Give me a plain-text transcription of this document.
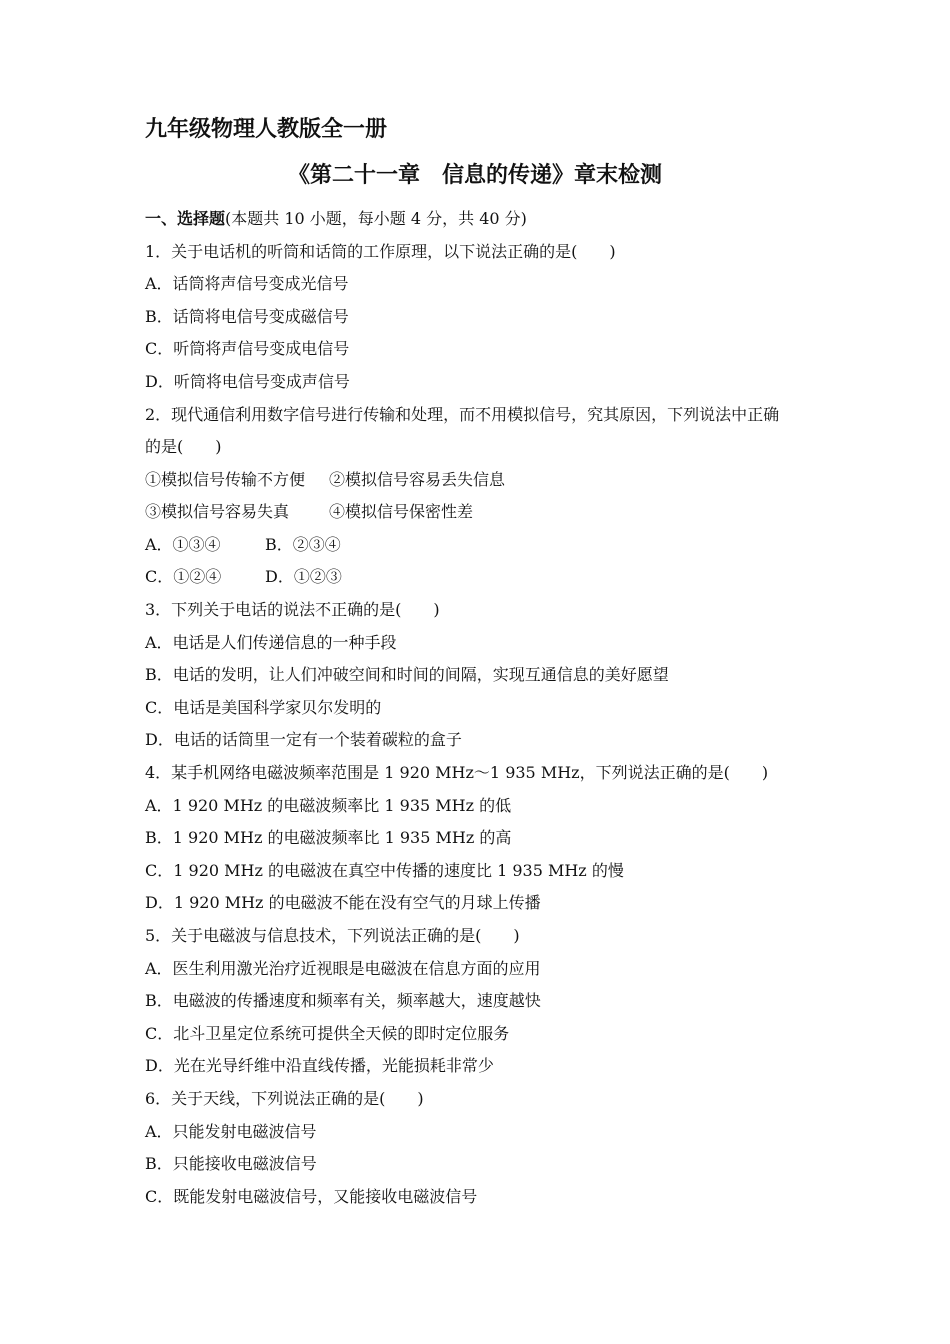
九年级物理人教版全一册
《第二十一章　信息的传递》章末检测

一、选择题(本题共 10 小题，每小题 4 分，共 40 分)

1．关于电话机的听筒和话筒的工作原理，以下说法正确的是(　　)

A．话筒将声信号变成光信号

B．话筒将电信号变成磁信号

C．听筒将声信号变成电信号

D．听筒将电信号变成声信号

2．现代通信利用数字信号进行传输和处理，而不用模拟信号，究其原因，下列说法中正确

的是(　　)

①模拟信号传输不方便 ②模拟信号容易丢失信息

③模拟信号容易失真 ④模拟信号保密性差

A．①③④	B．②③④

C．①②④	D．①②③

3．下列关于电话的说法不正确的是(　　)

A．电话是人们传递信息的一种手段

B．电话的发明，让人们冲破空间和时间的间隔，实现互通信息的美好愿望

C．电话是美国科学家贝尔发明的

D．电话的话筒里一定有一个装着碳粒的盒子

4．某手机网络电磁波频率范围是 1 920 MHz～1 935 MHz，下列说法正确的是(　　)

A．1 920 MHz 的电磁波频率比 1 935 MHz 的低

B．1 920 MHz 的电磁波频率比 1 935 MHz 的高

C．1 920 MHz 的电磁波在真空中传播的速度比 1 935 MHz 的慢

D．1 920 MHz 的电磁波不能在没有空气的月球上传播

5．关于电磁波与信息技术，下列说法正确的是(　　)

A．医生利用激光治疗近视眼是电磁波在信息方面的应用

B．电磁波的传播速度和频率有关，频率越大，速度越快

C．北斗卫星定位系统可提供全天候的即时定位服务

D．光在光导纤维中沿直线传播，光能损耗非常少

6．关于天线，下列说法正确的是(　　)

A．只能发射电磁波信号

B．只能接收电磁波信号

C．既能发射电磁波信号，又能接收电磁波信号
